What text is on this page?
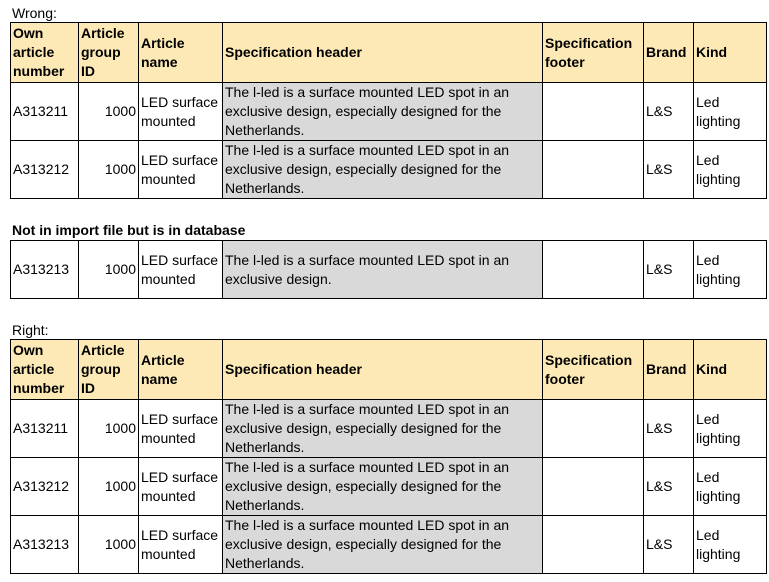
Wrong:
Own article number	Article group ID	Article name	Specification header	Specification footer	Brand	Kind
A313211	1000	LED surface mounted	The l-led is a surface mounted LED spot in an exclusive design, especially designed for the Netherlands.		L&S	Led lighting
A313212	1000	LED surface mounted	The l-led is a surface mounted LED spot in an exclusive design, especially designed for the Netherlands.		L&S	Led lighting
Not in import file but is in database
A313213	1000	LED surface mounted	The l-led is a surface mounted LED spot in an exclusive design.		L&S	Led lighting
Right:
Own article number	Article group ID	Article name	Specification header	Specification footer	Brand	Kind
A313211	1000	LED surface mounted	The l-led is a surface mounted LED spot in an exclusive design, especially designed for the Netherlands.		L&S	Led lighting
A313212	1000	LED surface mounted	The l-led is a surface mounted LED spot in an exclusive design, especially designed for the Netherlands.		L&S	Led lighting
A313213	1000	LED surface mounted	The l-led is a surface mounted LED spot in an exclusive design, especially designed for the Netherlands.		L&S	Led lighting
